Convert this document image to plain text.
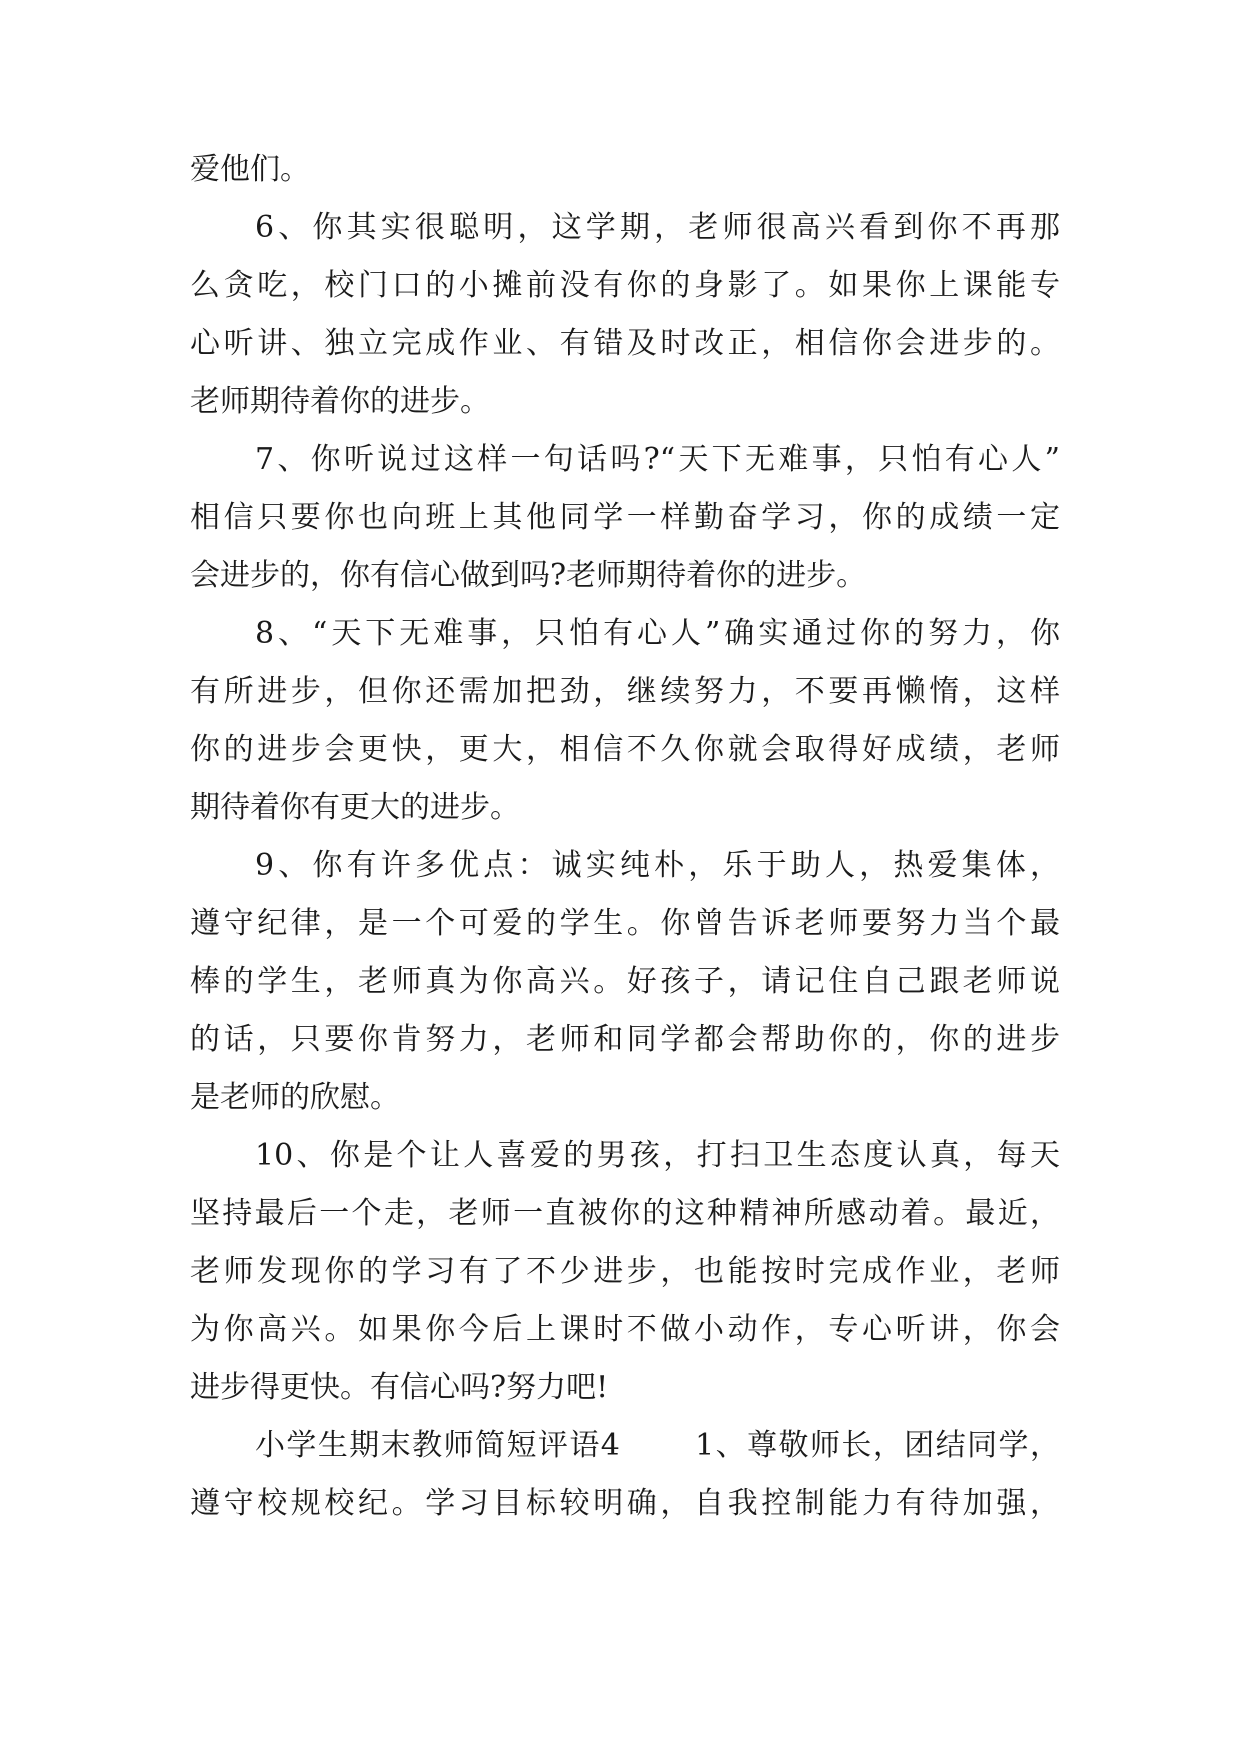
爱他们。
6、你其实很聪明，这学期，老师很高兴看到你不再那
么贪吃，校门口的小摊前没有你的身影了。如果你上课能专
心听讲、独立完成作业、有错及时改正，相信你会进步的。
老师期待着你的进步。
7、你听说过这样一句话吗?“天下无难事，只怕有心人”
相信只要你也向班上其他同学一样勤奋学习，你的成绩一定
会进步的，你有信心做到吗?老师期待着你的进步。
8、“天下无难事，只怕有心人”确实通过你的努力，你
有所进步，但你还需加把劲，继续努力，不要再懒惰，这样
你的进步会更快，更大，相信不久你就会取得好成绩，老师
期待着你有更大的进步。
9、你有许多优点：诚实纯朴，乐于助人，热爱集体，
遵守纪律，是一个可爱的学生。你曾告诉老师要努力当个最
棒的学生，老师真为你高兴。好孩子，请记住自己跟老师说
的话，只要你肯努力，老师和同学都会帮助你的，你的进步
是老师的欣慰。
10、你是个让人喜爱的男孩，打扫卫生态度认真，每天
坚持最后一个走，老师一直被你的这种精神所感动着。最近，
老师发现你的学习有了不少进步，也能按时完成作业，老师
为你高兴。如果你今后上课时不做小动作，专心听讲，你会
进步得更快。有信心吗?努力吧!
小学生期末教师简短评语4　　 1、尊敬师长，团结同学，
遵守校规校纪。学习目标较明确，自我控制能力有待加强，
